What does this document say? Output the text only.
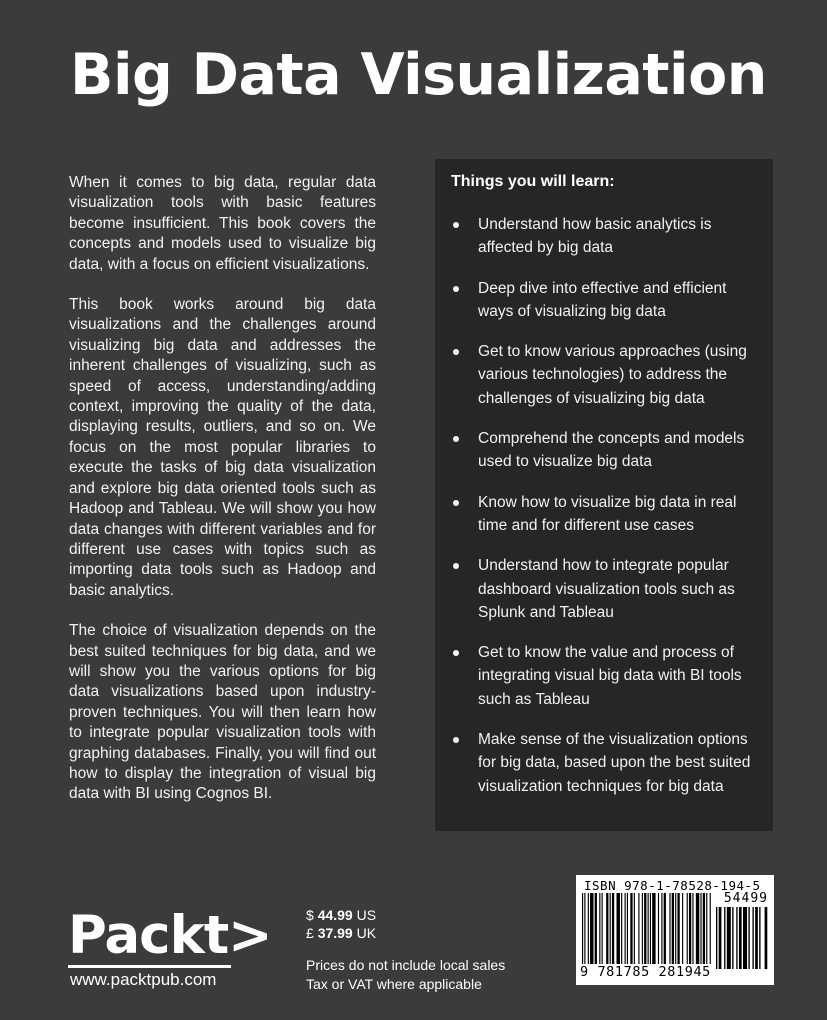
Big Data Visualization

When it comes to big data, regular data visualization tools with basic features become insufficient. This book covers the concepts and models used to visualize big data, with a focus on efficient visualizations.

This book works around big data visualizations and the challenges around visualizing big data and addresses the inherent challenges of visualizing, such as speed of access, understanding/adding context, improving the quality of the data, displaying results, outliers, and so on. We focus on the most popular libraries to execute the tasks of big data visualization and explore big data oriented tools such as Hadoop and Tableau. We will show you how data changes with different variables and for different use cases with topics such as importing data tools such as Hadoop and basic analytics.

The choice of visualization depends on the best suited techniques for big data, and we will show you the various options for big data visualizations based upon industry-proven techniques. You will then learn how to integrate popular visualization tools with graphing databases. Finally, you will find out how to display the integration of visual big data with BI using Cognos BI.

Things you will learn:
Understand how basic analytics is affected by big data
Deep dive into effective and efficient ways of visualizing big data
Get to know various approaches (using various technologies) to address the challenges of visualizing big data
Comprehend the concepts and models used to visualize big data
Know how to visualize big data in real time and for different use cases
Understand how to integrate popular dashboard visualization tools such as Splunk and Tableau
Get to know the value and process of integrating visual big data with BI tools such as Tableau
Make sense of the visualization options for big data, based upon the best suited visualization techniques for big data
Packt>
www.packtpub.com
$ 44.99 US
£ 37.99 UK
Prices do not include local sales
Tax or VAT where applicable
ISBN 978-1-78528-194-5
54499
9 781785 281945
